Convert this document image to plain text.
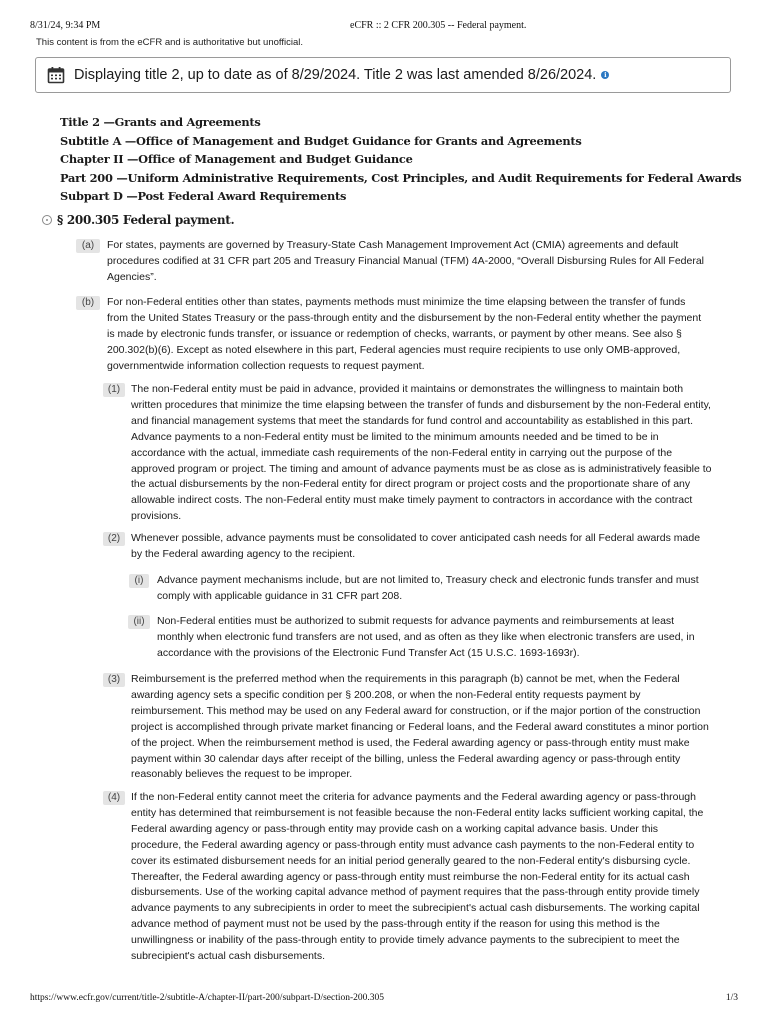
8/31/24, 9:34 PM	eCFR :: 2 CFR 200.305 -- Federal payment.
This content is from the eCFR and is authoritative but unofficial.
Displaying title 2, up to date as of 8/29/2024. Title 2 was last amended 8/26/2024.	i
Title 2 —Grants and Agreements
Subtitle A —Office of Management and Budget Guidance for Grants and Agreements
Chapter II —Office of Management and Budget Guidance
Part 200 —Uniform Administrative Requirements, Cost Principles, and Audit Requirements for Federal Awards
Subpart D —Post Federal Award Requirements
§ 200.305 Federal payment.
(a)	For states, payments are governed by Treasury-State Cash Management Improvement Act (CMIA) agreements and default procedures codified at 31 CFR part 205 and Treasury Financial Manual (TFM) 4A-2000, “Overall Disbursing Rules for All Federal Agencies”.
(b)	For non-Federal entities other than states, payments methods must minimize the time elapsing between the transfer of funds from the United States Treasury or the pass-through entity and the disbursement by the non-Federal entity whether the payment is made by electronic funds transfer, or issuance or redemption of checks, warrants, or payment by other means. See also § 200.302(b)(6). Except as noted elsewhere in this part, Federal agencies must require recipients to use only OMB-approved, governmentwide information collection requests to request payment.
(1)	The non-Federal entity must be paid in advance, provided it maintains or demonstrates the willingness to maintain both written procedures that minimize the time elapsing between the transfer of funds and disbursement by the non-Federal entity, and financial management systems that meet the standards for fund control and accountability as established in this part. Advance payments to a non-Federal entity must be limited to the minimum amounts needed and be timed to be in accordance with the actual, immediate cash requirements of the non-Federal entity in carrying out the purpose of the approved program or project. The timing and amount of advance payments must be as close as is administratively feasible to the actual disbursements by the non-Federal entity for direct program or project costs and the proportionate share of any allowable indirect costs. The non-Federal entity must make timely payment to contractors in accordance with the contract provisions.
(2)	Whenever possible, advance payments must be consolidated to cover anticipated cash needs for all Federal awards made by the Federal awarding agency to the recipient.
(i)	Advance payment mechanisms include, but are not limited to, Treasury check and electronic funds transfer and must comply with applicable guidance in 31 CFR part 208.
(ii)	Non-Federal entities must be authorized to submit requests for advance payments and reimbursements at least monthly when electronic fund transfers are not used, and as often as they like when electronic transfers are used, in accordance with the provisions of the Electronic Fund Transfer Act (15 U.S.C. 1693-1693r).
(3)	Reimbursement is the preferred method when the requirements in this paragraph (b) cannot be met, when the Federal awarding agency sets a specific condition per § 200.208, or when the non-Federal entity requests payment by reimbursement. This method may be used on any Federal award for construction, or if the major portion of the construction project is accomplished through private market financing or Federal loans, and the Federal award constitutes a minor portion of the project. When the reimbursement method is used, the Federal awarding agency or pass-through entity must make payment within 30 calendar days after receipt of the billing, unless the Federal awarding agency or pass-through entity reasonably believes the request to be improper.
(4)	If the non-Federal entity cannot meet the criteria for advance payments and the Federal awarding agency or pass-through entity has determined that reimbursement is not feasible because the non-Federal entity lacks sufficient working capital, the Federal awarding agency or pass-through entity may provide cash on a working capital advance basis. Under this procedure, the Federal awarding agency or pass-through entity must advance cash payments to the non-Federal entity to cover its estimated disbursement needs for an initial period generally geared to the non-Federal entity's disbursing cycle. Thereafter, the Federal awarding agency or pass-through entity must reimburse the non-Federal entity for its actual cash disbursements. Use of the working capital advance method of payment requires that the pass-through entity provide timely advance payments to any subrecipients in order to meet the subrecipient's actual cash disbursements. The working capital advance method of payment must not be used by the pass-through entity if the reason for using this method is the unwillingness or inability of the pass-through entity to provide timely advance payments to the subrecipient to meet the subrecipient's actual cash disbursements.
https://www.ecfr.gov/current/title-2/subtitle-A/chapter-II/part-200/subpart-D/section-200.305	1/3
